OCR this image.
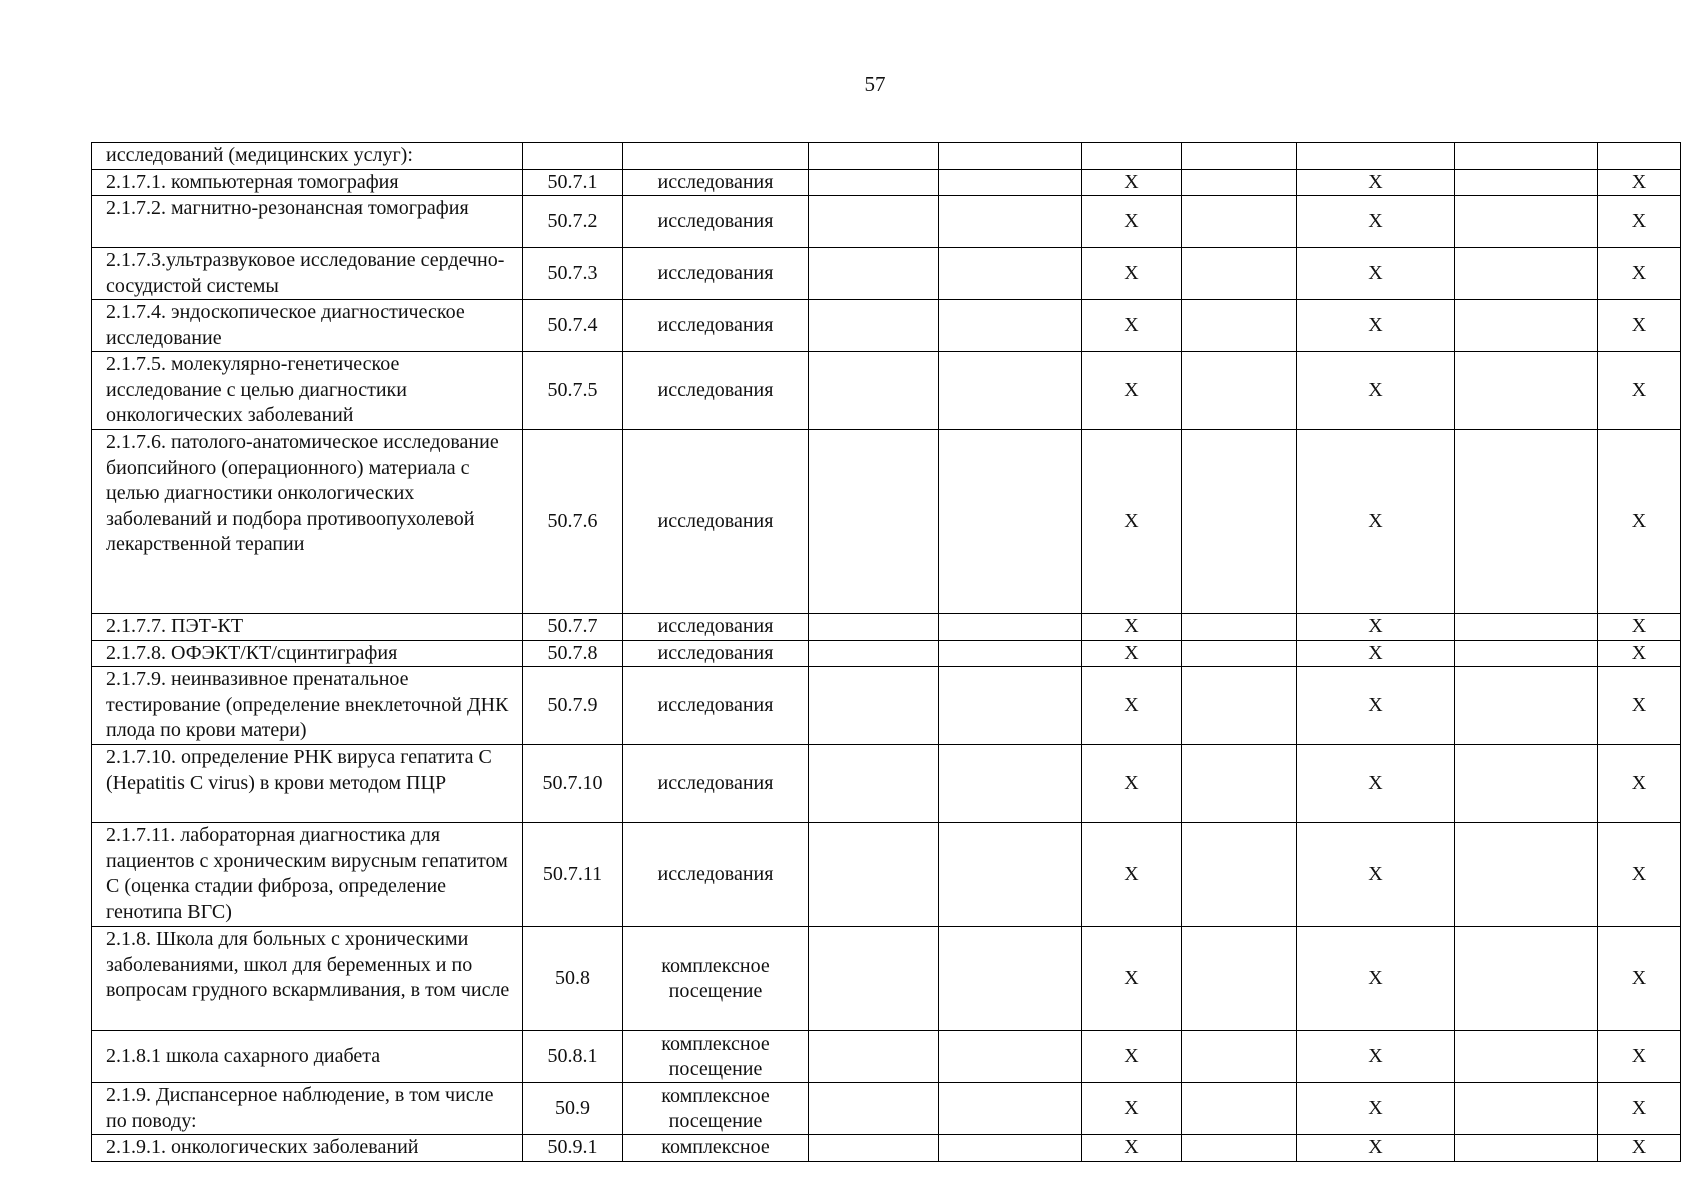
57
исследований (медицинских услуг):									
2.1.7.1. компьютерная томография	50.7.1	исследования			X		X		X
2.1.7.2. магнитно-резонансная томография	50.7.2	исследования			X		X		X
2.1.7.3.ультразвуковое исследование сердечно-сосудистой системы	50.7.3	исследования			X		X		X
2.1.7.4. эндоскопическое диагностическое исследование	50.7.4	исследования			X		X		X
2.1.7.5. молекулярно-генетическое исследование с целью диагностики онкологических заболеваний	50.7.5	исследования			X		X		X
2.1.7.6. патолого-анатомическое исследование биопсийного (операционного) материала с целью диагностики онкологических заболеваний и подбора противоопухолевой лекарственной терапии	50.7.6	исследования			X		X		X
2.1.7.7. ПЭТ-КТ	50.7.7	исследования			X		X		X
2.1.7.8. ОФЭКТ/КТ/сцинтиграфия	50.7.8	исследования			X		X		X
2.1.7.9. неинвазивное пренатальное тестирование (определение внеклеточной ДНК плода по крови матери)	50.7.9	исследования			X		X		X
2.1.7.10. определение РНК вируса гепатита С (Hepatitis C virus) в крови методом ПЦР	50.7.10	исследования			X		X		X
2.1.7.11. лабораторная диагностика для пациентов с хроническим вирусным гепатитом С (оценка стадии фиброза, определение генотипа ВГС)	50.7.11	исследования			X		X		X
2.1.8. Школа для больных с хроническими заболеваниями, школ для беременных и по вопросам грудного вскармливания, в том числе	50.8	комплексное посещение			X		X		X
2.1.8.1 школа сахарного диабета	50.8.1	комплексное посещение			X		X		X
2.1.9. Диспансерное наблюдение, в том числе по поводу:	50.9	комплексное посещение			X		X		X
2.1.9.1. онкологических заболеваний	50.9.1	комплексное			X		X		X
